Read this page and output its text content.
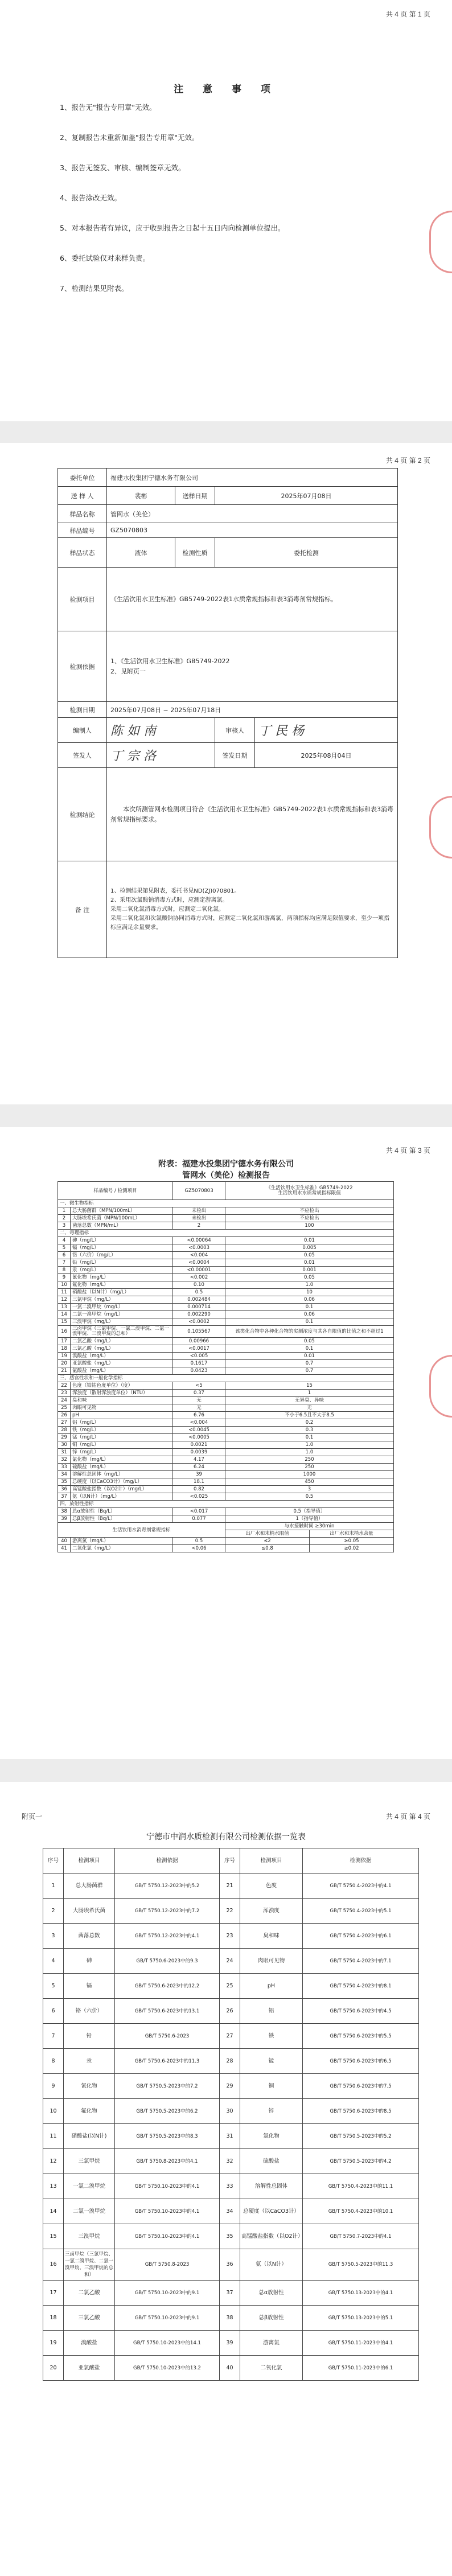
共 4 页 第 1 页
注 意 事 项
1、报告无"报告专用章"无效。
2、复制报告未重新加盖"报告专用章"无效。
3、报告无签发、审核、编制签章无效。
4、报告涂改无效。
5、对本报告若有异议，应于收到报告之日起十五日内向检测单位提出。
6、委托试验仅对来样负责。
7、检测结果见附表。
共 4 页 第 2 页
委托单位	福建水投集团宁德水务有限公司			
送 样 人	裴彬	送样日期	2025年07月08日	
样品名称	管网水（美伦）			
样品编号	GZ5070803			
样品状态	液体	检测性质	委托检测	
检测项目	《生活饮用水卫生标准》GB5749-2022表1水质常规指标和表3消毒剂常规指标。			
检测依据	1、《生活饮用水卫生标准》GB5749-2022
2、见附页一			
检测日期	2025年07月08日 ~ 2025年07月18日			
编制人	陈 如 南		审核人	丁 民 杨
签发人	丁 宗 洛		签发日期	2025年08月04日
检测结论	本次所测管网水检测项目符合《生活饮用水卫生标准》GB5749-2022表1水质常规指标和表3消毒剂常规指标要求。			
备 注	1、检测结果第见附表，委托书见ND(ZJ)070801。
2、采用次氯酸钠消毒方式时，应测定游离氯。
采用二氧化氯消毒方式时，应测定二氧化氯。
采用二氧化氯和次氯酸钠协同消毒方式时，应测定二氧化氯和游离氯，两项指标均应满足限值要求，至少一项指标应满足余量要求。			
共 4 页 第 3 页
附表：福建水投集团宁德水务有限公司
管网水（美伦）检测报告
样品编号 / 检测项目		GZ5070803	《生活饮用水卫生标准》GB5749-2022
生活饮用水水质常规指标限值	
一、微生物指标				
1	总大肠菌群（MPN/100mL）	未检出	不应检出	
2	大肠埃希氏菌（MPN/100mL）	未检出	不应检出	
3	菌落总数（MPN/mL）	2	100	
二、毒理指标				
4	砷（mg/L）	<0.00064	0.01	
5	镉（mg/L）	<0.0003	0.005	
6	铬（六价）（mg/L）	<0.004	0.05	
7	铅（mg/L）	<0.0004	0.01	
8	汞（mg/L）	<0.00001	0.001	
9	氰化物（mg/L）	<0.002	0.05	
10	氟化物（mg/L）	0.10	1.0	
11	硝酸盐（以N计）（mg/L）	0.5	10	
12	三氯甲烷（mg/L）	0.002484	0.06	
13	一氯二溴甲烷（mg/L）	0.000714	0.1	
14	二氯一溴甲烷（mg/L）	0.002290	0.06	
15	三溴甲烷（mg/L）	<0.0002	0.1	
16	三卤甲烷（三氯甲烷、一氯二溴甲烷、二氯一溴甲烷、三溴甲烷的总和）	0.105567	该类化合物中各种化合物的实测浓度与其各自限值的比值之和不超过1	
17	二氯乙酸（mg/L）	0.00966	0.05	
18	三氯乙酸（mg/L）	<0.0017	0.1	
19	溴酸盐（mg/L）	<0.005	0.01	
20	亚氯酸盐（mg/L）	0.1617	0.7	
21	氯酸盐（mg/L）	0.0423	0.7	
三、感官性状和一般化学指标				
22	色度（铂钴色度单位）（度）	<5	15	
23	浑浊度（散射浑浊度单位）（NTU）	0.37	1	
24	臭和味	无	无异臭、异味	
25	肉眼可见物	无	无	
26	pH	6.76	不小于6.5且不大于8.5	
27	铝（mg/L）	<0.004	0.2	
28	铁（mg/L）	<0.0045	0.3	
29	锰（mg/L）	<0.0005	0.1	
30	铜（mg/L）	0.0021	1.0	
31	锌（mg/L）	0.0039	1.0	
32	氯化物（mg/L）	4.17	250	
33	硫酸盐（mg/L）	6.24	250	
34	溶解性总固体（mg/L）	39	1000	
35	总硬度（以CaCO3计）（mg/L）	18.1	450	
36	高锰酸盐指数（以O2计）（mg/L）	0.82	3	
37	氨（以N计）（mg/L）	<0.025	0.5	
四、放射性指标				
38	总α放射性（Bq/L）	<0.017	0.5（指导值）	
39	总β放射性（Bq/L）	0.077	1（指导值）	
生活饮用水消毒剂常规指标			与水接触时间 ≥30min	
			出厂水和末梢水限值	出厂水和末梢水余量
40	游离氯（mg/L）	0.5	≤2	≥0.05
41	二氧化氯（mg/L）	<0.06	≤0.8	≥0.02
附页一	共 4 页 第 4 页
宁德市中润水质检测有限公司检测依据一览表
序号	检测项目	检测依据	序号	检测项目	检测依据
1	总大肠菌群	GB/T 5750.12-2023中的5.2	21	色度	GB/T 5750.4-2023中的4.1
2	大肠埃希氏菌	GB/T 5750.12-2023中的7.2	22	浑浊度	GB/T 5750.4-2023中的5.1
3	菌落总数	GB/T 5750.12-2023中的4.1	23	臭和味	GB/T 5750.4-2023中的6.1
4	砷	GB/T 5750.6-2023中的9.3	24	肉眼可见物	GB/T 5750.4-2023中的7.1
5	镉	GB/T 5750.6-2023中的12.2	25	pH	GB/T 5750.4-2023中的8.1
6	铬（六价）	GB/T 5750.6-2023中的13.1	26	铝	GB/T 5750.6-2023中的4.5
7	铅	GB/T 5750.6-2023	27	铁	GB/T 5750.6-2023中的5.5
8	汞	GB/T 5750.6-2023中的11.3	28	锰	GB/T 5750.6-2023中的6.5
9	氰化物	GB/T 5750.5-2023中的7.2	29	铜	GB/T 5750.6-2023中的7.5
10	氟化物	GB/T 5750.5-2023中的6.2	30	锌	GB/T 5750.6-2023中的8.5
11	硝酸盐(以N计)	GB/T 5750.5-2023中的8.3	31	氯化物	GB/T 5750.5-2023中的5.2
12	三氯甲烷	GB/T 5750.8-2023中的4.1	32	硫酸盐	GB/T 5750.5-2023中的4.2
13	一氯二溴甲烷	GB/T 5750.10-2023中的4.1	33	溶解性总固体	GB/T 5750.4-2023中的11.1
14	二氯一溴甲烷	GB/T 5750.10-2023中的4.1	34	总硬度（以CaCO3计）	GB/T 5750.4-2023中的10.1
15	三溴甲烷	GB/T 5750.10-2023中的4.1	35	高锰酸盐指数（以O2计）	GB/T 5750.7-2023中的4.1
16	三卤甲烷（三氯甲烷、一氯二溴甲烷、二氯一溴甲烷、三溴甲烷的总和）	GB/T 5750.8-2023	36	氨（以N计）	GB/T 5750.5-2023中的11.3
17	二氯乙酸	GB/T 5750.10-2023中的9.1	37	总α放射性	GB/T 5750.13-2023中的4.1
18	三氯乙酸	GB/T 5750.10-2023中的9.1	38	总β放射性	GB/T 5750.13-2023中的5.1
19	溴酸盐	GB/T 5750.10-2023中的14.1	39	游离氯	GB/T 5750.11-2023中的4.1
20	亚氯酸盐	GB/T 5750.10-2023中的13.2	40	二氧化氯	GB/T 5750.11-2023中的6.1
